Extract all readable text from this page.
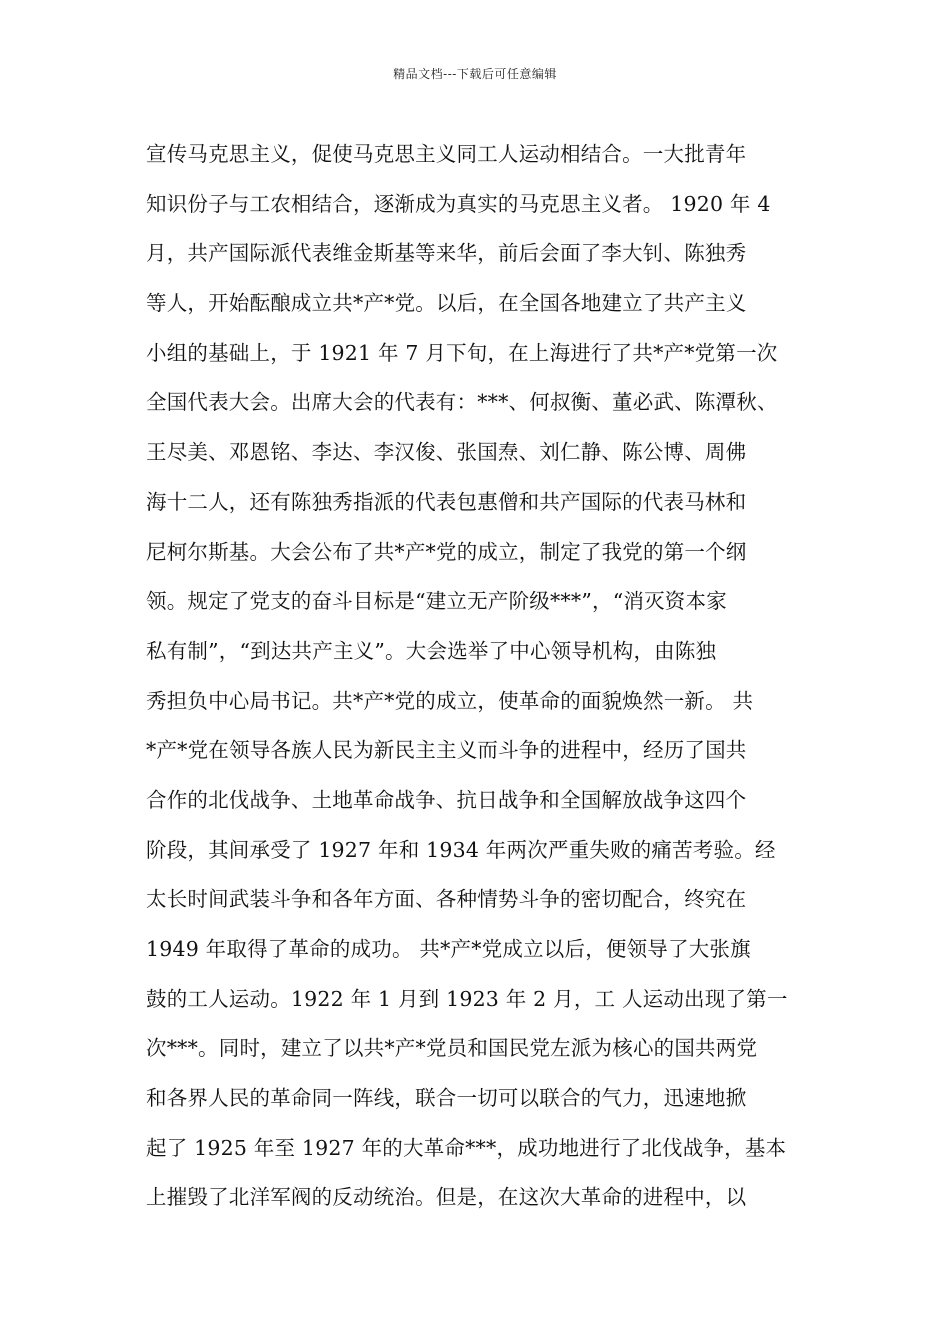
精品文档---下载后可任意编辑
宣传马克思主义，促使马克思主义同工人运动相结合。一大批青年
知识份子与工农相结合，逐渐成为真实的马克思主义者。 1920 年 4
月，共产国际派代表维金斯基等来华，前后会面了李大钊、陈独秀
等人，开始酝酿成立共*产*党。以后，在全国各地建立了共产主义
小组的基础上，于 1921 年 7 月下旬，在上海进行了共*产*党第一次
全国代表大会。出席大会的代表有：***、何叔衡、董必武、陈潭秋、
王尽美、邓恩铭、李达、李汉俊、张国焘、刘仁静、陈公博、周佛
海十二人，还有陈独秀指派的代表包惠僧和共产国际的代表马林和
尼柯尔斯基。大会公布了共*产*党的成立，制定了我党的第一个纲
领。规定了党支的奋斗目标是“建立无产阶级***”，“消灭资本家
私有制”，“到达共产主义”。大会选举了中心领导机构，由陈独
秀担负中心局书记。共*产*党的成立，使革命的面貌焕然一新。 共
*产*党在领导各族人民为新民主主义而斗争的进程中，经历了国共
合作的北伐战争、土地革命战争、抗日战争和全国解放战争这四个
阶段，其间承受了 1927 年和 1934 年两次严重失败的痛苦考验。经
太长时间武装斗争和各年方面、各种情势斗争的密切配合，终究在
1949 年取得了革命的成功。 共*产*党成立以后，便领导了大张旗
鼓的工人运动。1922 年 1 月到 1923 年 2 月，工 人运动出现了第一
次***。同时，建立了以共*产*党员和国民党左派为核心的国共两党
和各界人民的革命同一阵线，联合一切可以联合的气力，迅速地掀
起了 1925 年至 1927 年的大革命***，成功地进行了北伐战争，基本
上摧毁了北洋军阀的反动统治。但是，在这次大革命的进程中，以
